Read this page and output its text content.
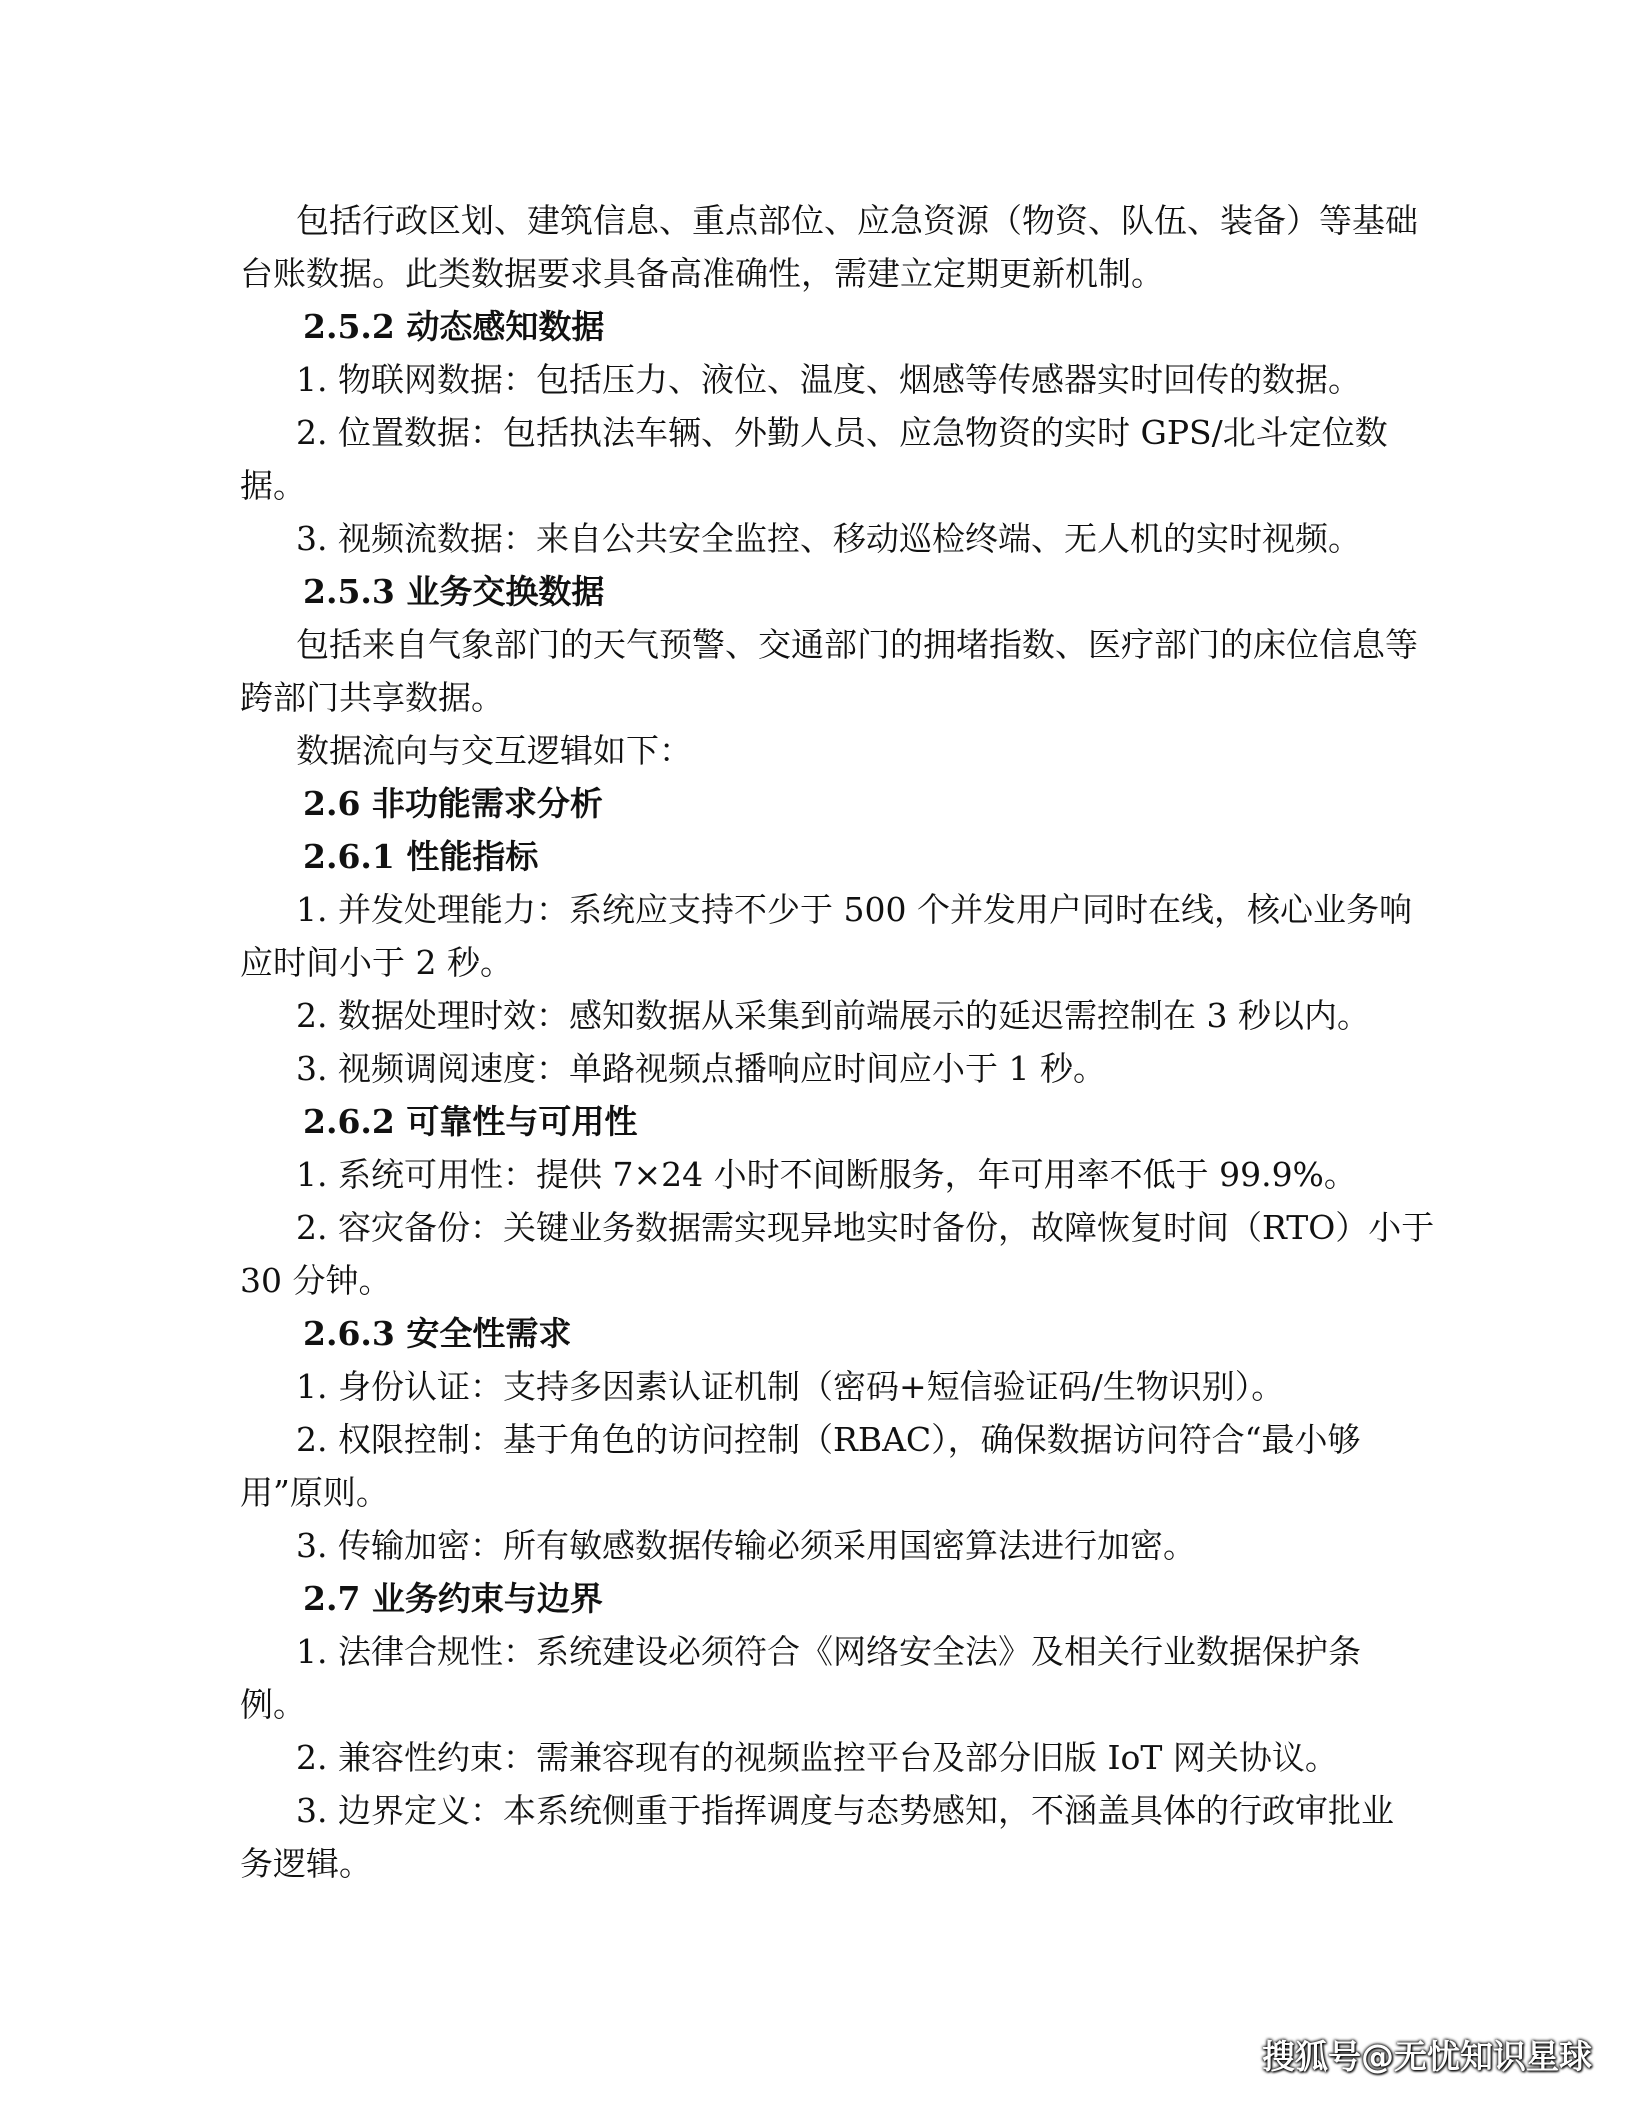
包括行政区划、建筑信息、重点部位、应急资源（物资、队伍、装备）等基础

台账数据。此类数据要求具备高准确性，需建立定期更新机制。

2.5.2 动态感知数据

1. 物联网数据：包括压力、液位、温度、烟感等传感器实时回传的数据。

2. 位置数据：包括执法车辆、外勤人员、应急物资的实时 GPS/北斗定位数

据。

3. 视频流数据：来自公共安全监控、移动巡检终端、无人机的实时视频。

2.5.3 业务交换数据

包括来自气象部门的天气预警、交通部门的拥堵指数、医疗部门的床位信息等

跨部门共享数据。

数据流向与交互逻辑如下：

2.6 非功能需求分析

2.6.1 性能指标

1. 并发处理能力：系统应支持不少于 500 个并发用户同时在线，核心业务响

应时间小于 2 秒。

2. 数据处理时效：感知数据从采集到前端展示的延迟需控制在 3 秒以内。

3. 视频调阅速度：单路视频点播响应时间应小于 1 秒。

2.6.2 可靠性与可用性

1. 系统可用性：提供 7×24 小时不间断服务，年可用率不低于 99.9%。

2. 容灾备份：关键业务数据需实现异地实时备份，故障恢复时间（RTO）小于

30 分钟。

2.6.3 安全性需求

1. 身份认证：支持多因素认证机制（密码+短信验证码/生物识别）。

2. 权限控制：基于角色的访问控制（RBAC），确保数据访问符合“最小够

用”原则。

3. 传输加密：所有敏感数据传输必须采用国密算法进行加密。

2.7 业务约束与边界

1. 法律合规性：系统建设必须符合《网络安全法》及相关行业数据保护条

例。

2. 兼容性约束：需兼容现有的视频监控平台及部分旧版 IoT 网关协议。

3. 边界定义：本系统侧重于指挥调度与态势感知，不涵盖具体的行政审批业

务逻辑。

搜狐号@无忧知识星球
